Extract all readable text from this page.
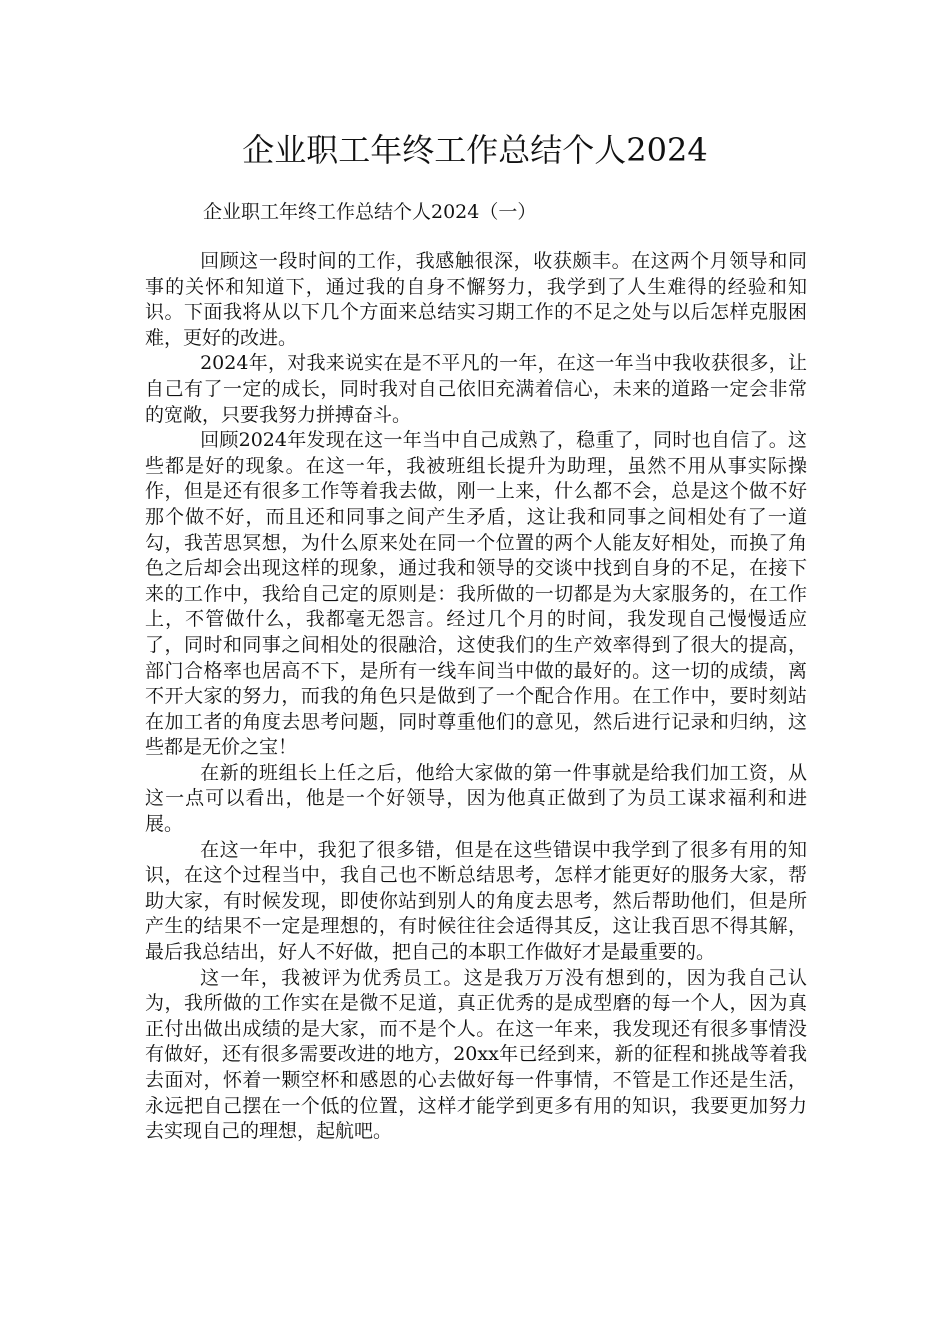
企业职工年终工作总结个人2024

企业职工年终工作总结个人2024（一）

回顾这一段时间的工作，我感触很深，收获颇丰。在这两个月领导和同事的关怀和知道下，通过我的自身不懈努力，我学到了人生难得的经验和知识。下面我将从以下几个方面来总结实习期工作的不足之处与以后怎样克服困难，更好的改进。

2024年，对我来说实在是不平凡的一年，在这一年当中我收获很多，让自己有了一定的成长，同时我对自己依旧充满着信心，未来的道路一定会非常的宽敞，只要我努力拼搏奋斗。

回顾2024年发现在这一年当中自己成熟了，稳重了，同时也自信了。这些都是好的现象。在这一年，我被班组长提升为助理，虽然不用从事实际操作，但是还有很多工作等着我去做，刚一上来，什么都不会，总是这个做不好那个做不好，而且还和同事之间产生矛盾，这让我和同事之间相处有了一道勾，我苦思冥想，为什么原来处在同一个位置的两个人能友好相处，而换了角色之后却会出现这样的现象，通过我和领导的交谈中找到自身的不足，在接下来的工作中，我给自己定的原则是：我所做的一切都是为大家服务的，在工作上，不管做什么，我都毫无怨言。经过几个月的时间，我发现自己慢慢适应了，同时和同事之间相处的很融洽，这使我们的生产效率得到了很大的提高，部门合格率也居高不下，是所有一线车间当中做的最好的。这一切的成绩，离不开大家的努力，而我的角色只是做到了一个配合作用。在工作中，要时刻站在加工者的角度去思考问题，同时尊重他们的意见，然后进行记录和归纳，这些都是无价之宝！

在新的班组长上任之后，他给大家做的第一件事就是给我们加工资，从这一点可以看出，他是一个好领导，因为他真正做到了为员工谋求福利和进展。

在这一年中，我犯了很多错，但是在这些错误中我学到了很多有用的知识，在这个过程当中，我自己也不断总结思考，怎样才能更好的服务大家，帮助大家，有时候发现，即使你站到别人的角度去思考，然后帮助他们，但是所产生的结果不一定是理想的，有时候往往会适得其反，这让我百思不得其解，最后我总结出，好人不好做，把自己的本职工作做好才是最重要的。

这一年，我被评为优秀员工。这是我万万没有想到的，因为我自己认为，我所做的工作实在是微不足道，真正优秀的是成型磨的每一个人，因为真正付出做出成绩的是大家，而不是个人。在这一年来，我发现还有很多事情没有做好，还有很多需要改进的地方，20xx年已经到来，新的征程和挑战等着我去面对，怀着一颗空杯和感恩的心去做好每一件事情，不管是工作还是生活，永远把自己摆在一个低的位置，这样才能学到更多有用的知识，我要更加努力去实现自己的理想，起航吧。
